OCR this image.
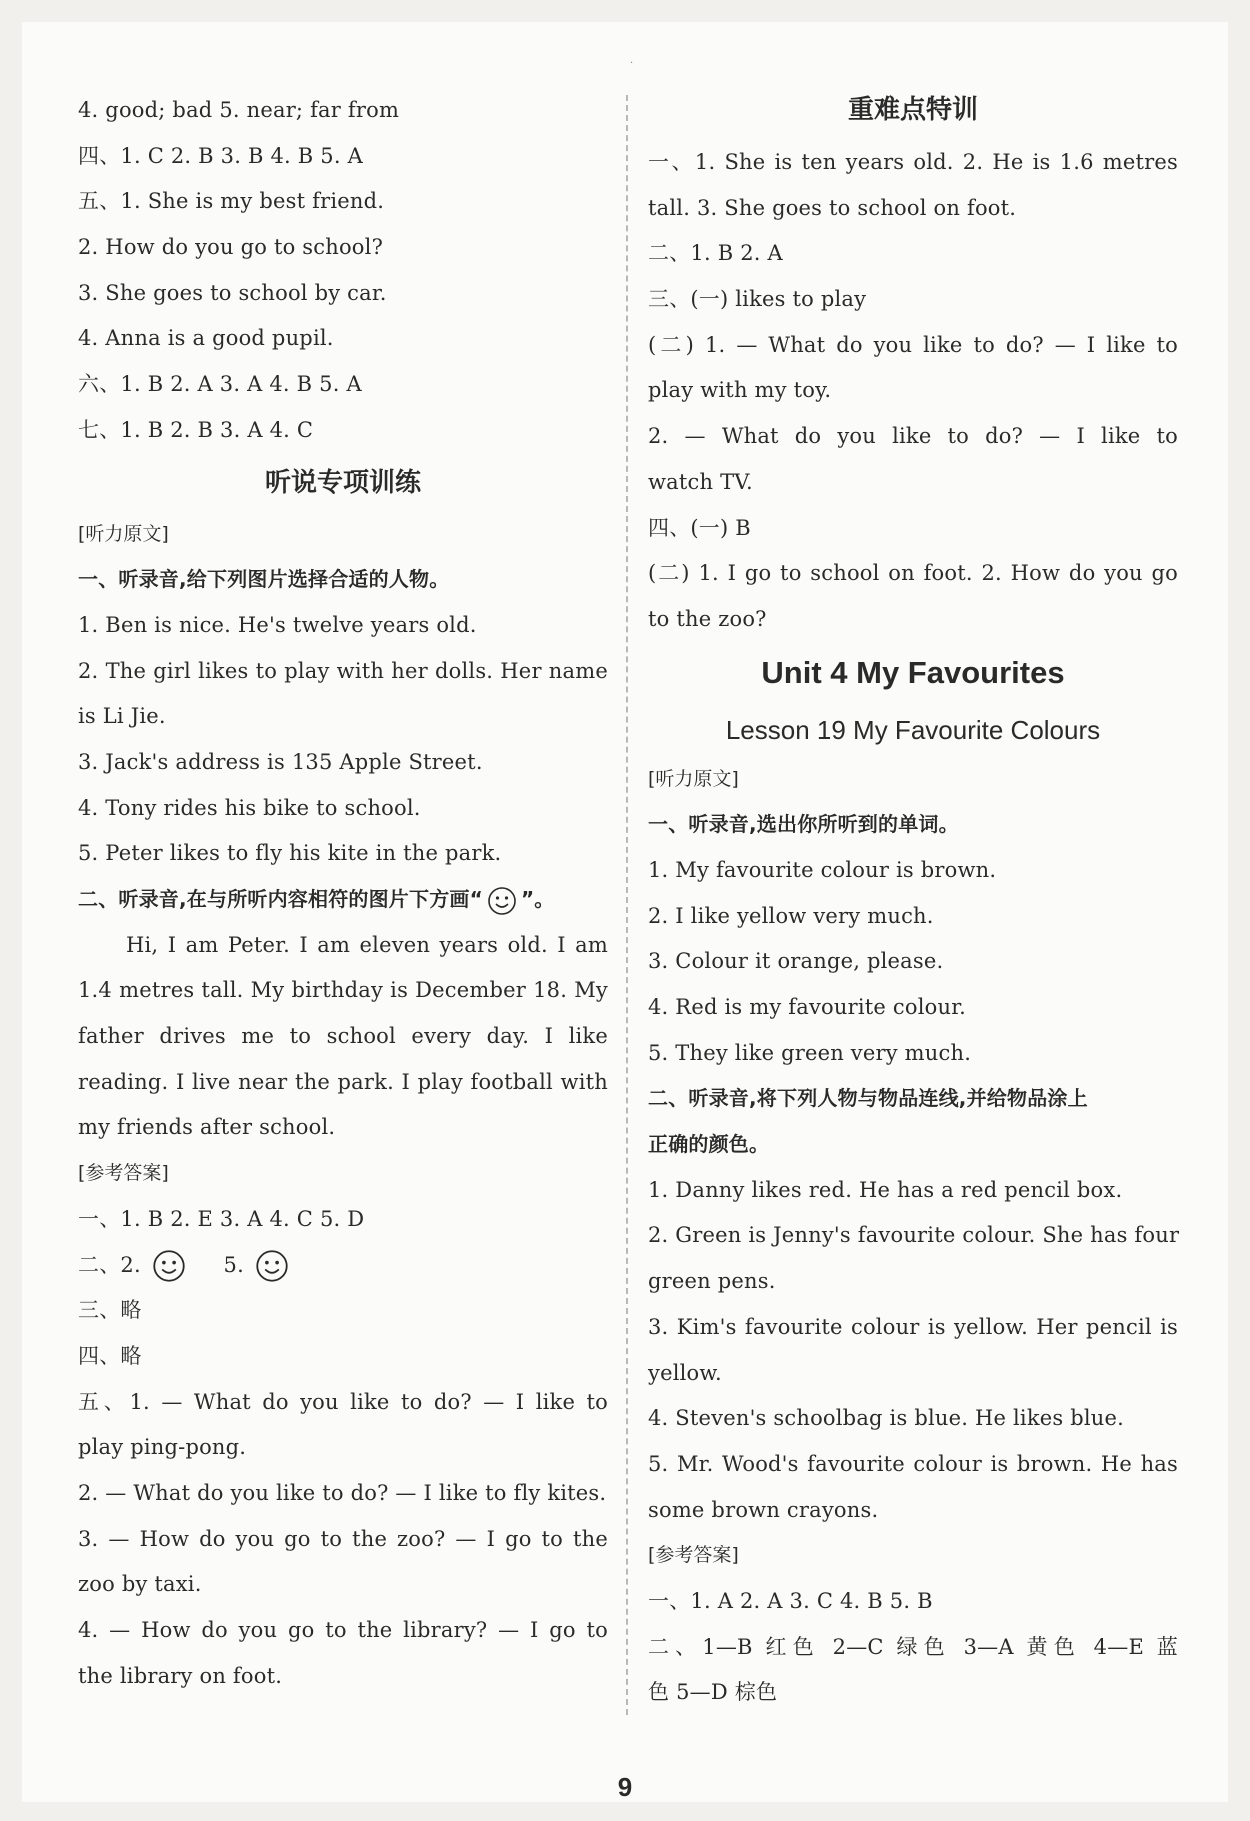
·
4. good; bad 5. near; far from
四、1. C 2. B 3. B 4. B 5. A
五、1. She is my best friend.
2. How do you go to school?
3. She goes to school by car.
4. Anna is a good pupil.
六、1. B 2. A 3. A 4. B 5. A
七、1. B 2. B 3. A 4. C
听说专项训练
[听力原文]
一、听录音,给下列图片选择合适的人物。
1. Ben is nice. He's twelve years old.
2. The girl likes to play with her dolls. Her name
is Li Jie.
3. Jack's address is 135 Apple Street.
4. Tony rides his bike to school.
5. Peter likes to fly his kite in the park.
二、听录音,在与所听内容相符的图片下方画“ ”。
Hi, I am Peter. I am eleven years old. I am
1.4 metres tall. My birthday is December 18. My
father drives me to school every day. I like
reading. I live near the park. I play football with
my friends after school.
[参考答案]
一、1. B 2. E 3. A 4. C 5. D
二、2.	5.
三、略
四、略
五、1. — What do you like to do? — I like to
play ping-pong.
2. — What do you like to do? — I like to fly kites.
3. — How do you go to the zoo? — I go to the
zoo by taxi.
4. — How do you go to the library? — I go to
the library on foot.
重难点特训
一、1. She is ten years old. 2. He is 1.6 metres
tall. 3. She goes to school on foot.
二、1. B 2. A
三、(一) likes to play
(二) 1. — What do you like to do? — I like to
play with my toy.
2. — What do you like to do? — I like to
watch TV.
四、(一) B
(二) 1. I go to school on foot. 2. How do you go
to the zoo?
Unit 4 My Favourites
Lesson 19 My Favourite Colours
[听力原文]
一、听录音,选出你所听到的单词。
1. My favourite colour is brown.
2. I like yellow very much.
3. Colour it orange, please.
4. Red is my favourite colour.
5. They like green very much.
二、听录音,将下列人物与物品连线,并给物品涂上
正确的颜色。
1. Danny likes red. He has a red pencil box.
2. Green is Jenny's favourite colour. She has four
green pens.
3. Kim's favourite colour is yellow. Her pencil is
yellow.
4. Steven's schoolbag is blue. He likes blue.
5. Mr. Wood's favourite colour is brown. He has
some brown crayons.
[参考答案]
一、1. A 2. A 3. C 4. B 5. B
二、1—B 红色 2—C 绿色 3—A 黄色 4—E 蓝
色 5—D 棕色
9
